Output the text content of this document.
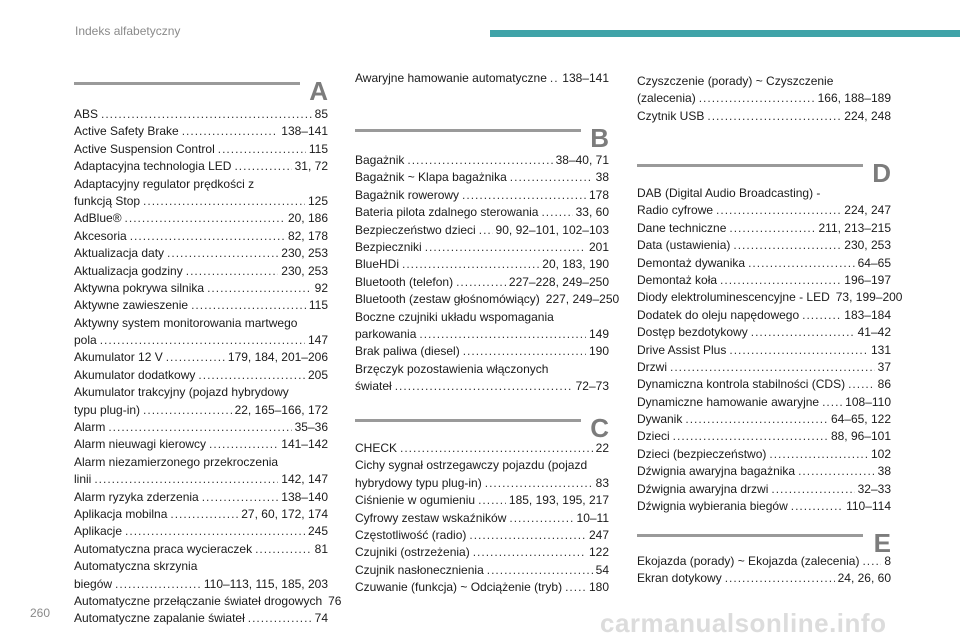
Indeks alfabetyczny
A
ABS .....	85
Active Safety Brake .....	138–141
Active Suspension Control .....	115
Adaptacyjna technologia LED .....	31, 72
Adaptacyjny regulator prędkości z
funkcją Stop .....	125
AdBlue® .....	20, 186
Akcesoria .....	82, 178
Aktualizacja daty .....	230, 253
Aktualizacja godziny .....	230, 253
Aktywna pokrywa silnika .....	92
Aktywne zawieszenie .....	115
Aktywny system monitorowania martwego
pola .....	147
Akumulator 12 V .....	179, 184, 201–206
Akumulator dodatkowy .....	205
Akumulator trakcyjny (pojazd hybrydowy
typu plug-in) .....	22, 165–166, 172
Alarm .....	35–36
Alarm nieuwagi kierowcy .....	141–142
Alarm niezamierzonego przekroczenia
linii .....	142, 147
Alarm ryzyka zderzenia .....	138–140
Aplikacja mobilna .....	27, 60, 172, 174
Aplikacje .....	245
Automatyczna praca wycieraczek .....	81
Automatyczna skrzynia
biegów .....	110–113, 115, 185, 203
Automatyczne przełączanie świateł drogowych 76
Automatyczne zapalanie świateł .....	74
Awaryjne hamowanie automatyczne ..... 138–141
B
Bagażnik .....	38–40, 71
Bagażnik ~ Klapa bagażnika .....	38
Bagażnik rowerowy .....	178
Bateria pilota zdalnego sterowania .....	33, 60
Bezpieczeństwo dzieci ..... 90, 92–101, 102–103
Bezpieczniki .....	201
BlueHDi .....	20, 183, 190
Bluetooth (telefon) .....	227–228, 249–250
Bluetooth (zestaw głośnomówiący) 227, 249–250
Boczne czujniki układu wspomagania
parkowania .....	149
Brak paliwa (diesel) .....	190
Brzęczyk pozostawienia włączonych
świateł .....	72–73
C
CHECK .....	22
Cichy sygnał ostrzegawczy pojazdu (pojazd
hybrydowy typu plug-in) .....	83
Ciśnienie w ogumieniu .....	185, 193, 195, 217
Cyfrowy zestaw wskaźników .....	10–11
Częstotliwość (radio) .....	247
Czujniki (ostrzeżenia) .....	122
Czujnik nasłonecznienia .....	54
Czuwanie (funkcja) ~ Odciążenie (tryb) ..... 180
Czyszczenie (porady) ~ Czyszczenie
(zalecenia) .....	166, 188–189
Czytnik USB .....	224, 248
D
DAB (Digital Audio Broadcasting) -
Radio cyfrowe .....	224, 247
Dane techniczne .....	211, 213–215
Data (ustawienia) .....	230, 253
Demontaż dywanika .....	64–65
Demontaż koła .....	196–197
Diody elektroluminescencyjne - LED 73, 199–200
Dodatek do oleju napędowego .....	183–184
Dostęp bezdotykowy .....	41–42
Drive Assist Plus .....	131
Drzwi .....	37
Dynamiczna kontrola stabilności (CDS) .....	86
Dynamiczne hamowanie awaryjne ..... 108–110
Dywanik .....	64–65, 122
Dzieci .....	88, 96–101
Dzieci (bezpieczeństwo) .....	102
Dźwignia awaryjna bagażnika .....	38
Dźwignia awaryjna drzwi .....	32–33
Dźwignia wybierania biegów .....	110–114
E
Ekojazda (porady) ~ Ekojazda (zalecenia) ..... 8
Ekran dotykowy .....	24, 26, 60
260	carmanualsonline.info
